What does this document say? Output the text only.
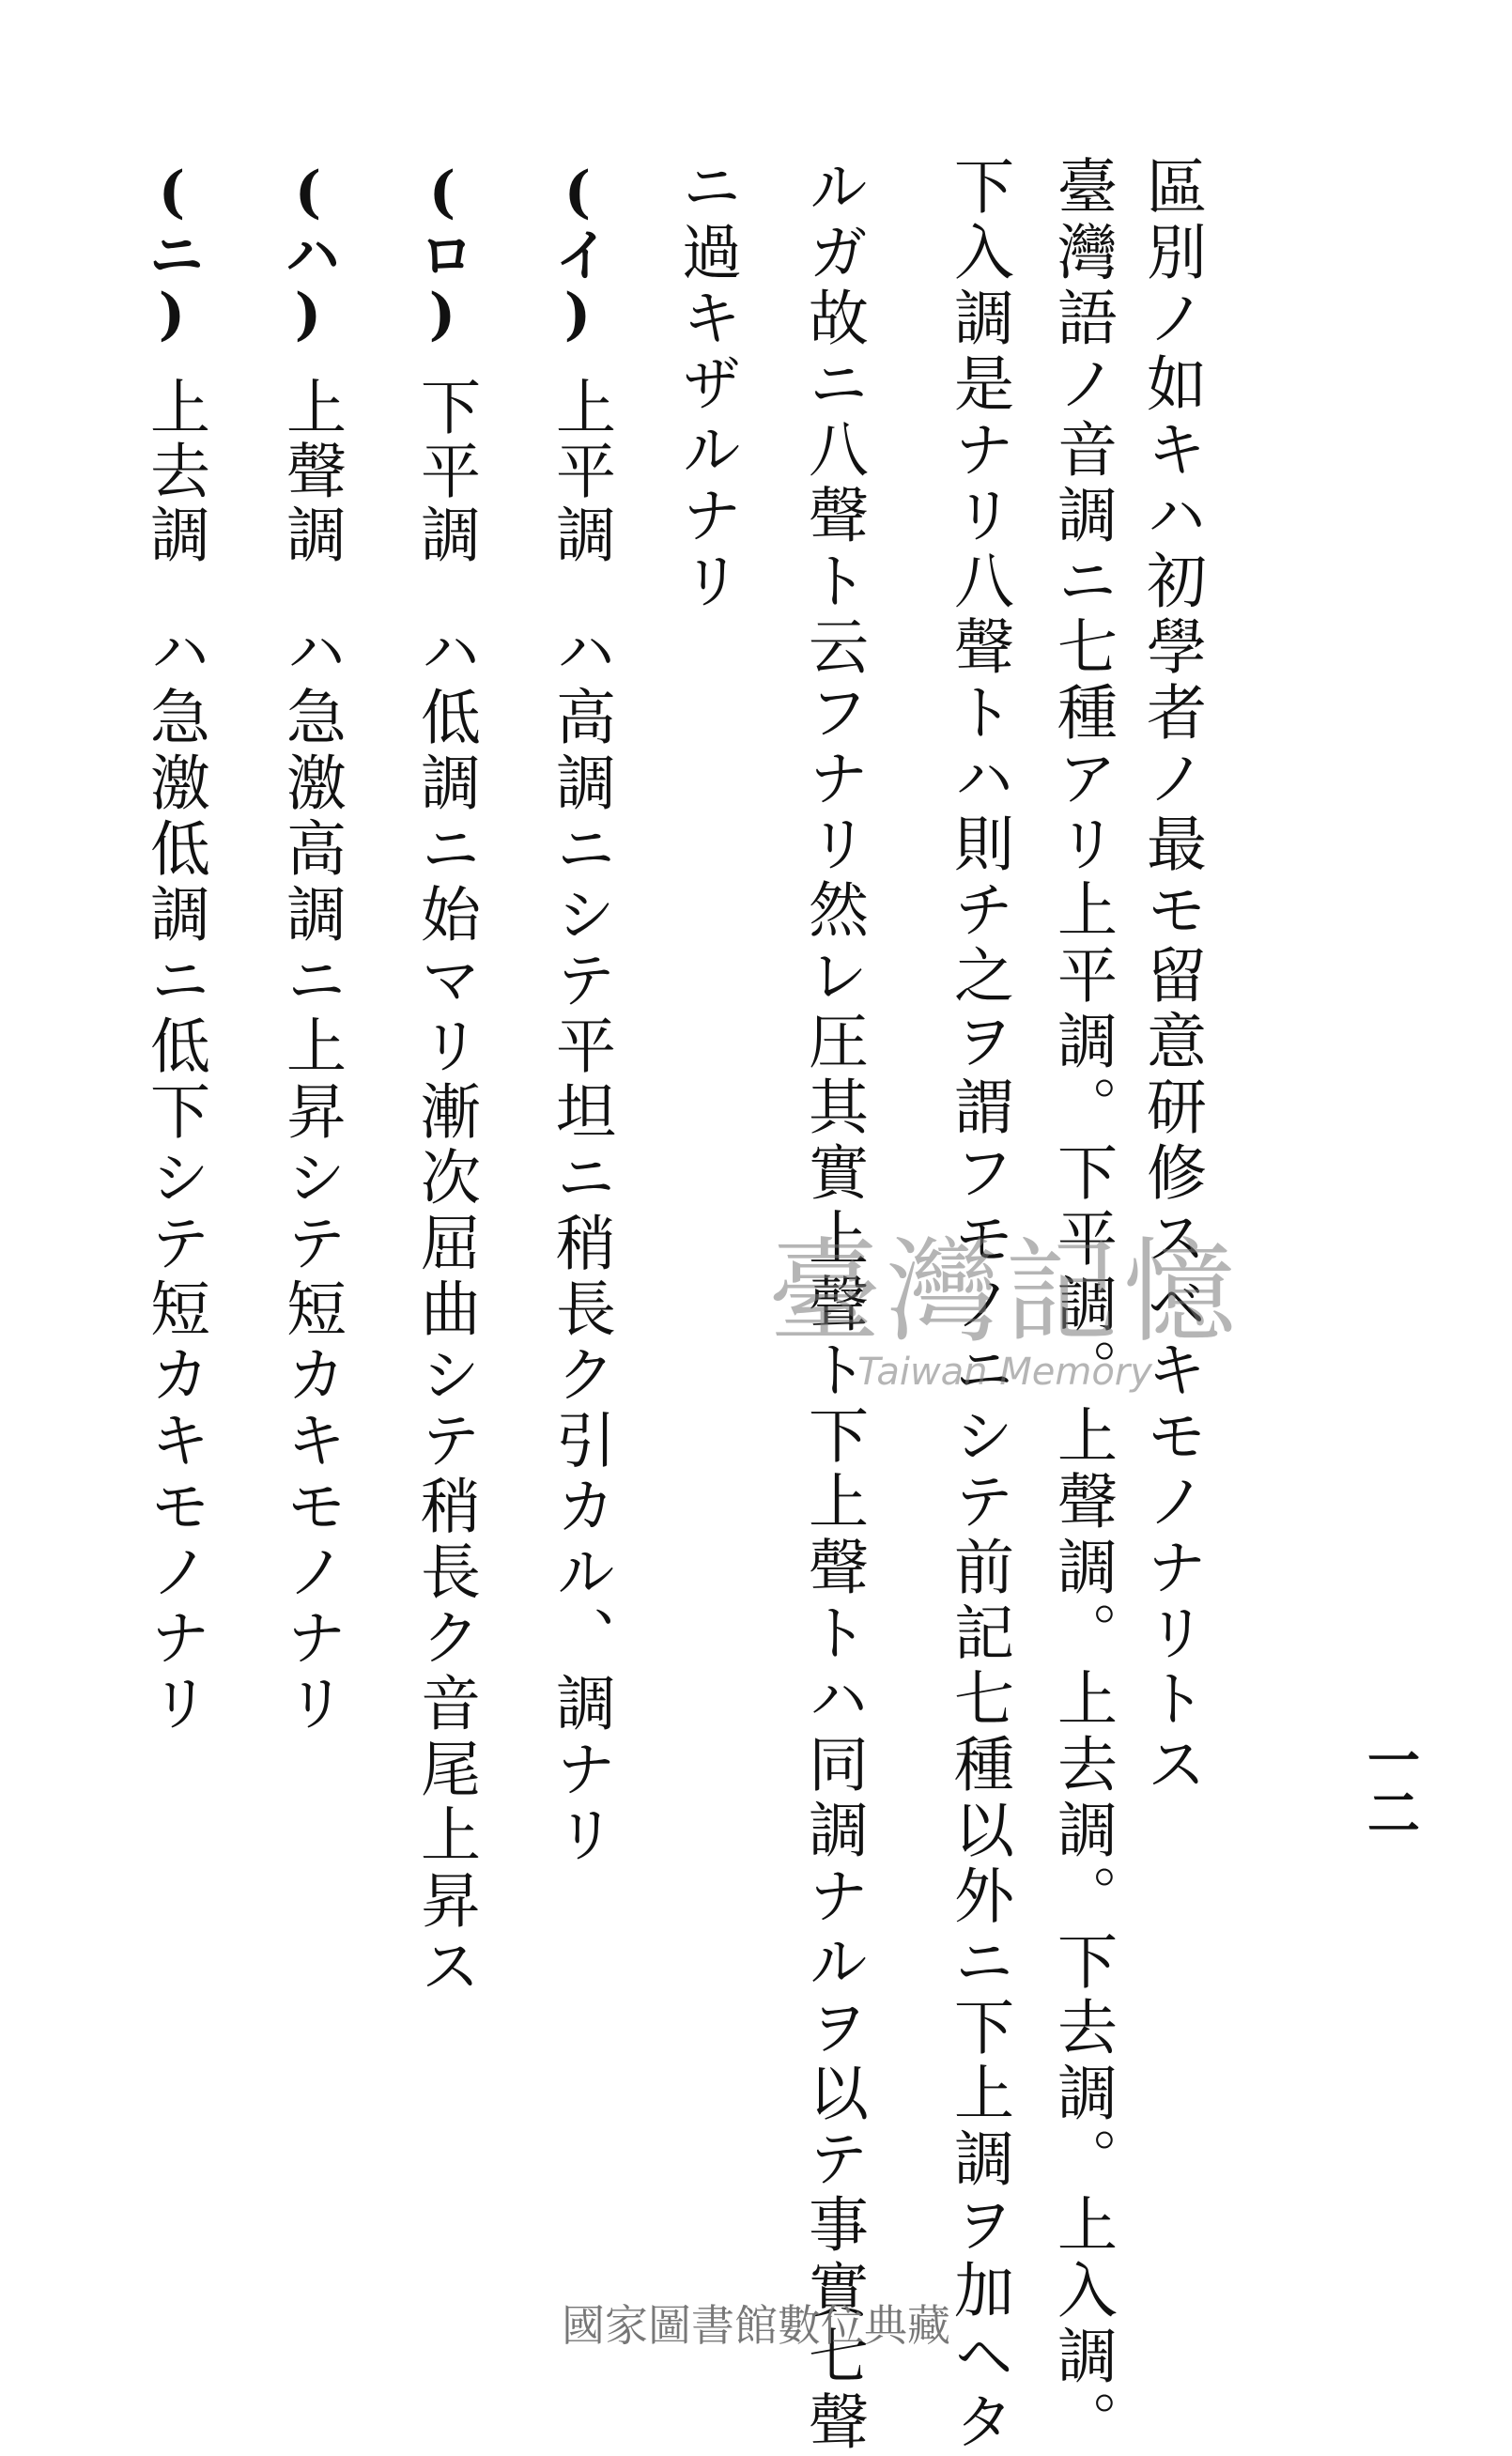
一二
區別ノ如キハ初學者ノ最モ留意研修スベキモノナリトス
臺灣語ノ音調ニ七種アリ上平調。下平調。上聲調。上去調。下去調。上入調。
下入調是ナリ八聲トハ則チ之ヲ謂フモノニシテ前記七種以外ニ下上調ヲ加ヘタ
ルガ故ニ八聲ト云フナリ然レ圧其實上聲ト下上聲トハ同調ナルヲ以テ事實七聲
ニ過キザルナリ
(イ)
上平調
ハ高調ニシテ平坦ニ稍長ク引カル、調ナリ
(ロ)
下平調
ハ低調ニ始マリ漸次屈曲シテ稍長ク音尾上昇ス
(ハ)
上聲調
ハ急激高調ニ上昇シテ短カキモノナリ
(ニ)
上去調
ハ急激低調ニ低下シテ短カキモノナリ	臺灣記憶
Taiwan Memory
國家圖書館數位典藏
